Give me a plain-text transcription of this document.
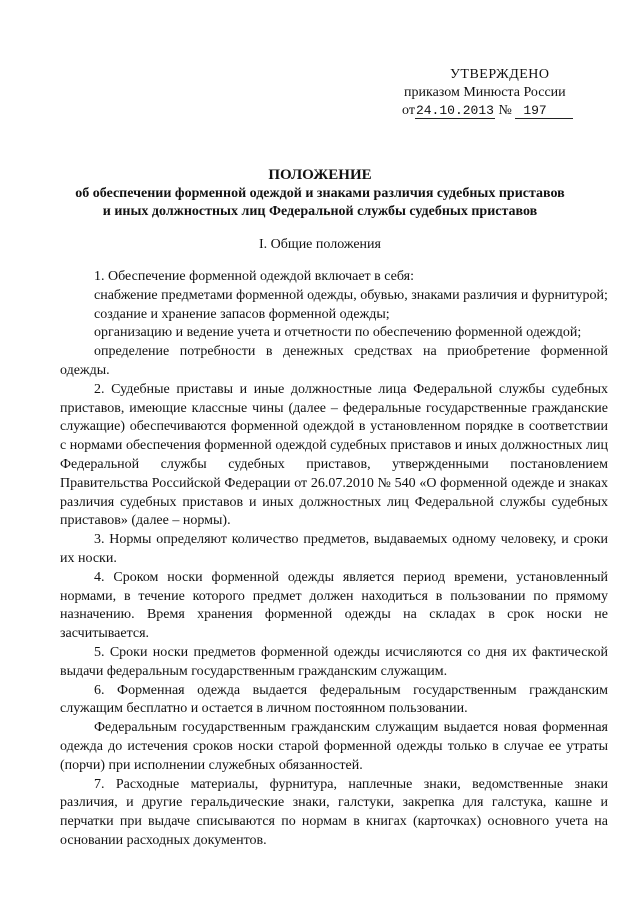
УТВЕРЖДЕНО
приказом Минюста России
от24.10.2013 № 197
ПОЛОЖЕНИЕ
об обеспечении форменной одеждой и знаками различия судебных приставов
и иных должностных лиц Федеральной службы судебных приставов
I. Общие положения

1. Обеспечение форменной одеждой включает в себя:

снабжение предметами форменной одежды, обувью, знаками различия и фурнитурой;

создание и хранение запасов форменной одежды;

организацию и ведение учета и отчетности по обеспечению форменной одеждой;

определение потребности в денежных средствах на приобретение форменной одежды.

2. Судебные приставы и иные должностные лица Федеральной службы судебных приставов, имеющие классные чины (далее – федеральные государственные гражданские служащие) обеспечиваются форменной одеждой в установленном порядке в соответствии с нормами обеспечения форменной одеждой судебных приставов и иных должностных лиц Федеральной службы судебных приставов, утвержденными постановлением Правительства Российской Федерации от 26.07.2010 № 540 «О форменной одежде и знаках различия судебных приставов и иных должностных лиц Федеральной службы судебных приставов» (далее – нормы).

3. Нормы определяют количество предметов, выдаваемых одному человеку, и сроки их носки.

4. Сроком носки форменной одежды является период времени, установленный нормами, в течение которого предмет должен находиться в пользовании по прямому назначению. Время хранения форменной одежды на складах в срок носки не засчитывается.

5. Сроки носки предметов форменной одежды исчисляются со дня их фактической выдачи федеральным государственным гражданским служащим.

6. Форменная одежда выдается федеральным государственным гражданским служащим бесплатно и остается в личном постоянном пользовании.

Федеральным государственным гражданским служащим выдается новая форменная одежда до истечения сроков носки старой форменной одежды только в случае ее утраты (порчи) при исполнении служебных обязанностей.

7. Расходные материалы, фурнитура, наплечные знаки, ведомственные знаки различия, и другие геральдические знаки, галстуки, закрепка для галстука, кашне и перчатки при выдаче списываются по нормам в книгах (карточках) основного учета на основании расходных документов.
